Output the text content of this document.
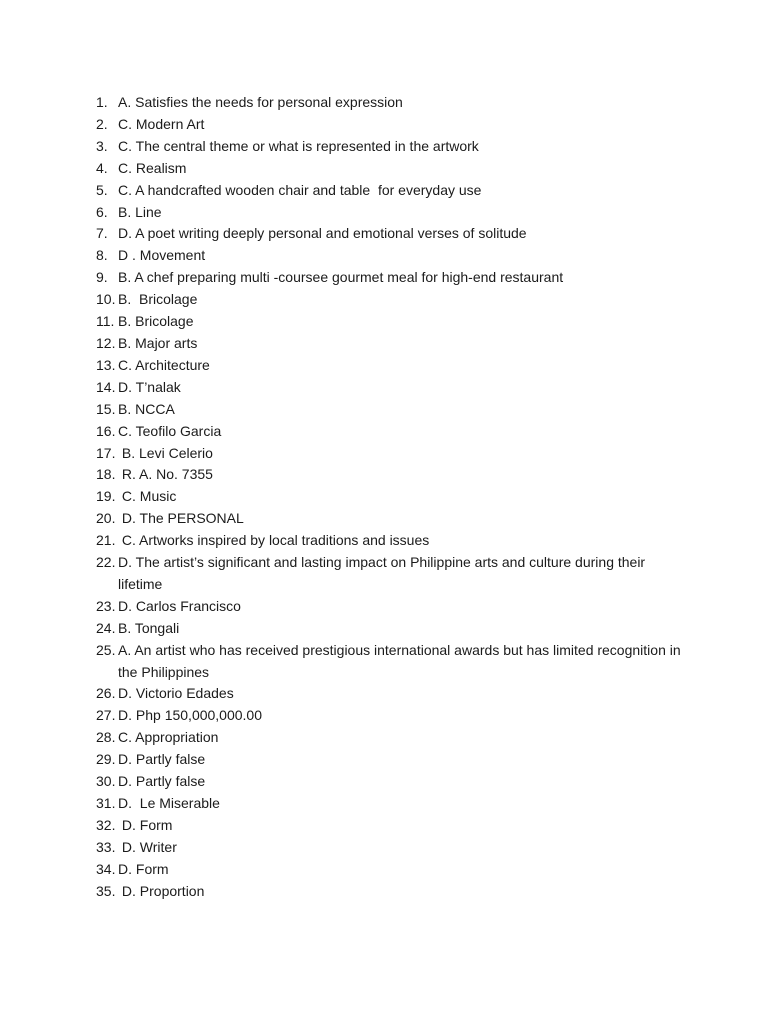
1. A. Satisfies the needs for personal expression
2. C. Modern Art
3. C. The central theme or what is represented in the artwork
4. C. Realism
5. C. A handcrafted wooden chair and table  for everyday use
6. B. Line
7. D. A poet writing deeply personal and emotional verses of solitude
8. D . Movement
9. B. A chef preparing multi -coursee gourmet meal for high-end restaurant
10. B.  Bricolage
11. B. Bricolage
12. B. Major arts
13. C. Architecture
14. D. T’nalak
15. B. NCCA
16. C. Teofilo Garcia
17. B. Levi Celerio
18. R. A. No. 7355
19. C. Music
20. D. The PERSONAL
21. C. Artworks inspired by local traditions and issues
22. D. The artist’s significant and lasting impact on Philippine arts and culture during their lifetime
23. D. Carlos Francisco
24. B. Tongali
25. A. An artist who has received prestigious international awards but has limited recognition in the Philippines
26. D. Victorio Edades
27. D. Php 150,000,000.00
28. C. Appropriation
29. D. Partly false
30. D. Partly false
31. D.  Le Miserable
32. D. Form
33. D. Writer
34. D. Form
35. D. Proportion
